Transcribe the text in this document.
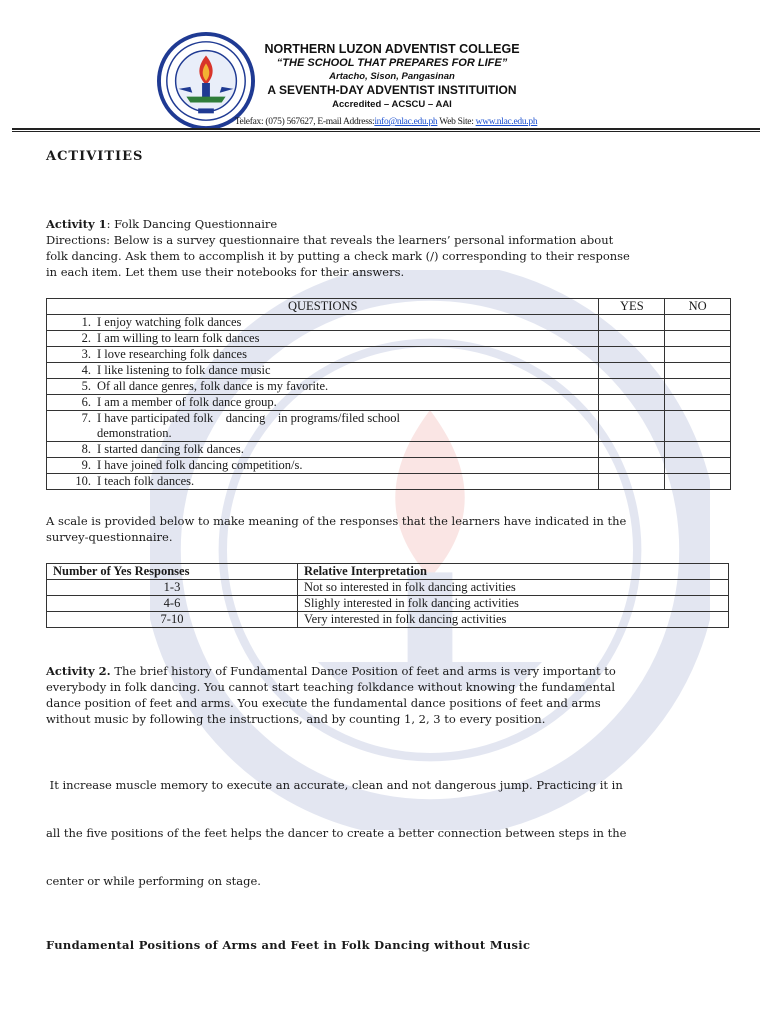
NORTHERN LUZON ADVENTIST COLLEGE
“THE SCHOOL THAT PREPARES FOR LIFE”
Artacho, Sison, Pangasinan
A SEVENTH-DAY ADVENTIST INSTITUITION
Accredited – ACSCU – AAI
Telefax: (075) 567627, E-mail Address:info@nlac.edu.ph Web Site: www.nlac.edu.ph
ACTIVITIES
Activity 1: Folk Dancing Questionnaire
Directions: Below is a survey questionnaire that reveals the learners’ personal information about
folk dancing. Ask them to accomplish it by putting a check mark (/) corresponding to their response
in each item. Let them use their notebooks for their answers.
QUESTIONS	YES	NO
1. I enjoy watching folk dances		
2. I am willing to learn folk dances		
3. I love researching folk dances		
4. I like listening to folk dance music		
5. Of all dance genres, folk dance is my favorite.		
6. I am a member of folk dance group.		
7. I have participated folk    dancing    in programs/filed school
demonstration.		

8. I started dancing folk dances.		
9. I have joined folk dancing competition/s.		
10. I teach folk dances.		
A scale is provided below to make meaning of the responses that the learners have indicated in the
survey-questionnaire.
Number of Yes Responses	Relative Interpretation
1-3	Not so interested in folk dancing activities
4-6	Slighly interested in folk dancing activities
7-10	Very interested in folk dancing activities
Activity 2. The brief history of Fundamental Dance Position of feet and arms is very important to
everybody in folk dancing. You cannot start teaching folkdance without knowing the fundamental
dance position of feet and arms. You execute the fundamental dance positions of feet and arms
without music by following the instructions, and by counting 1, 2, 3 to every position.

It increase muscle memory to execute an accurate, clean and not dangerous jump. Practicing it in

all the five positions of the feet helps the dancer to create a better connection between steps in the

center or while performing on stage.

Fundamental Positions of Arms and Feet in Folk Dancing without Music
